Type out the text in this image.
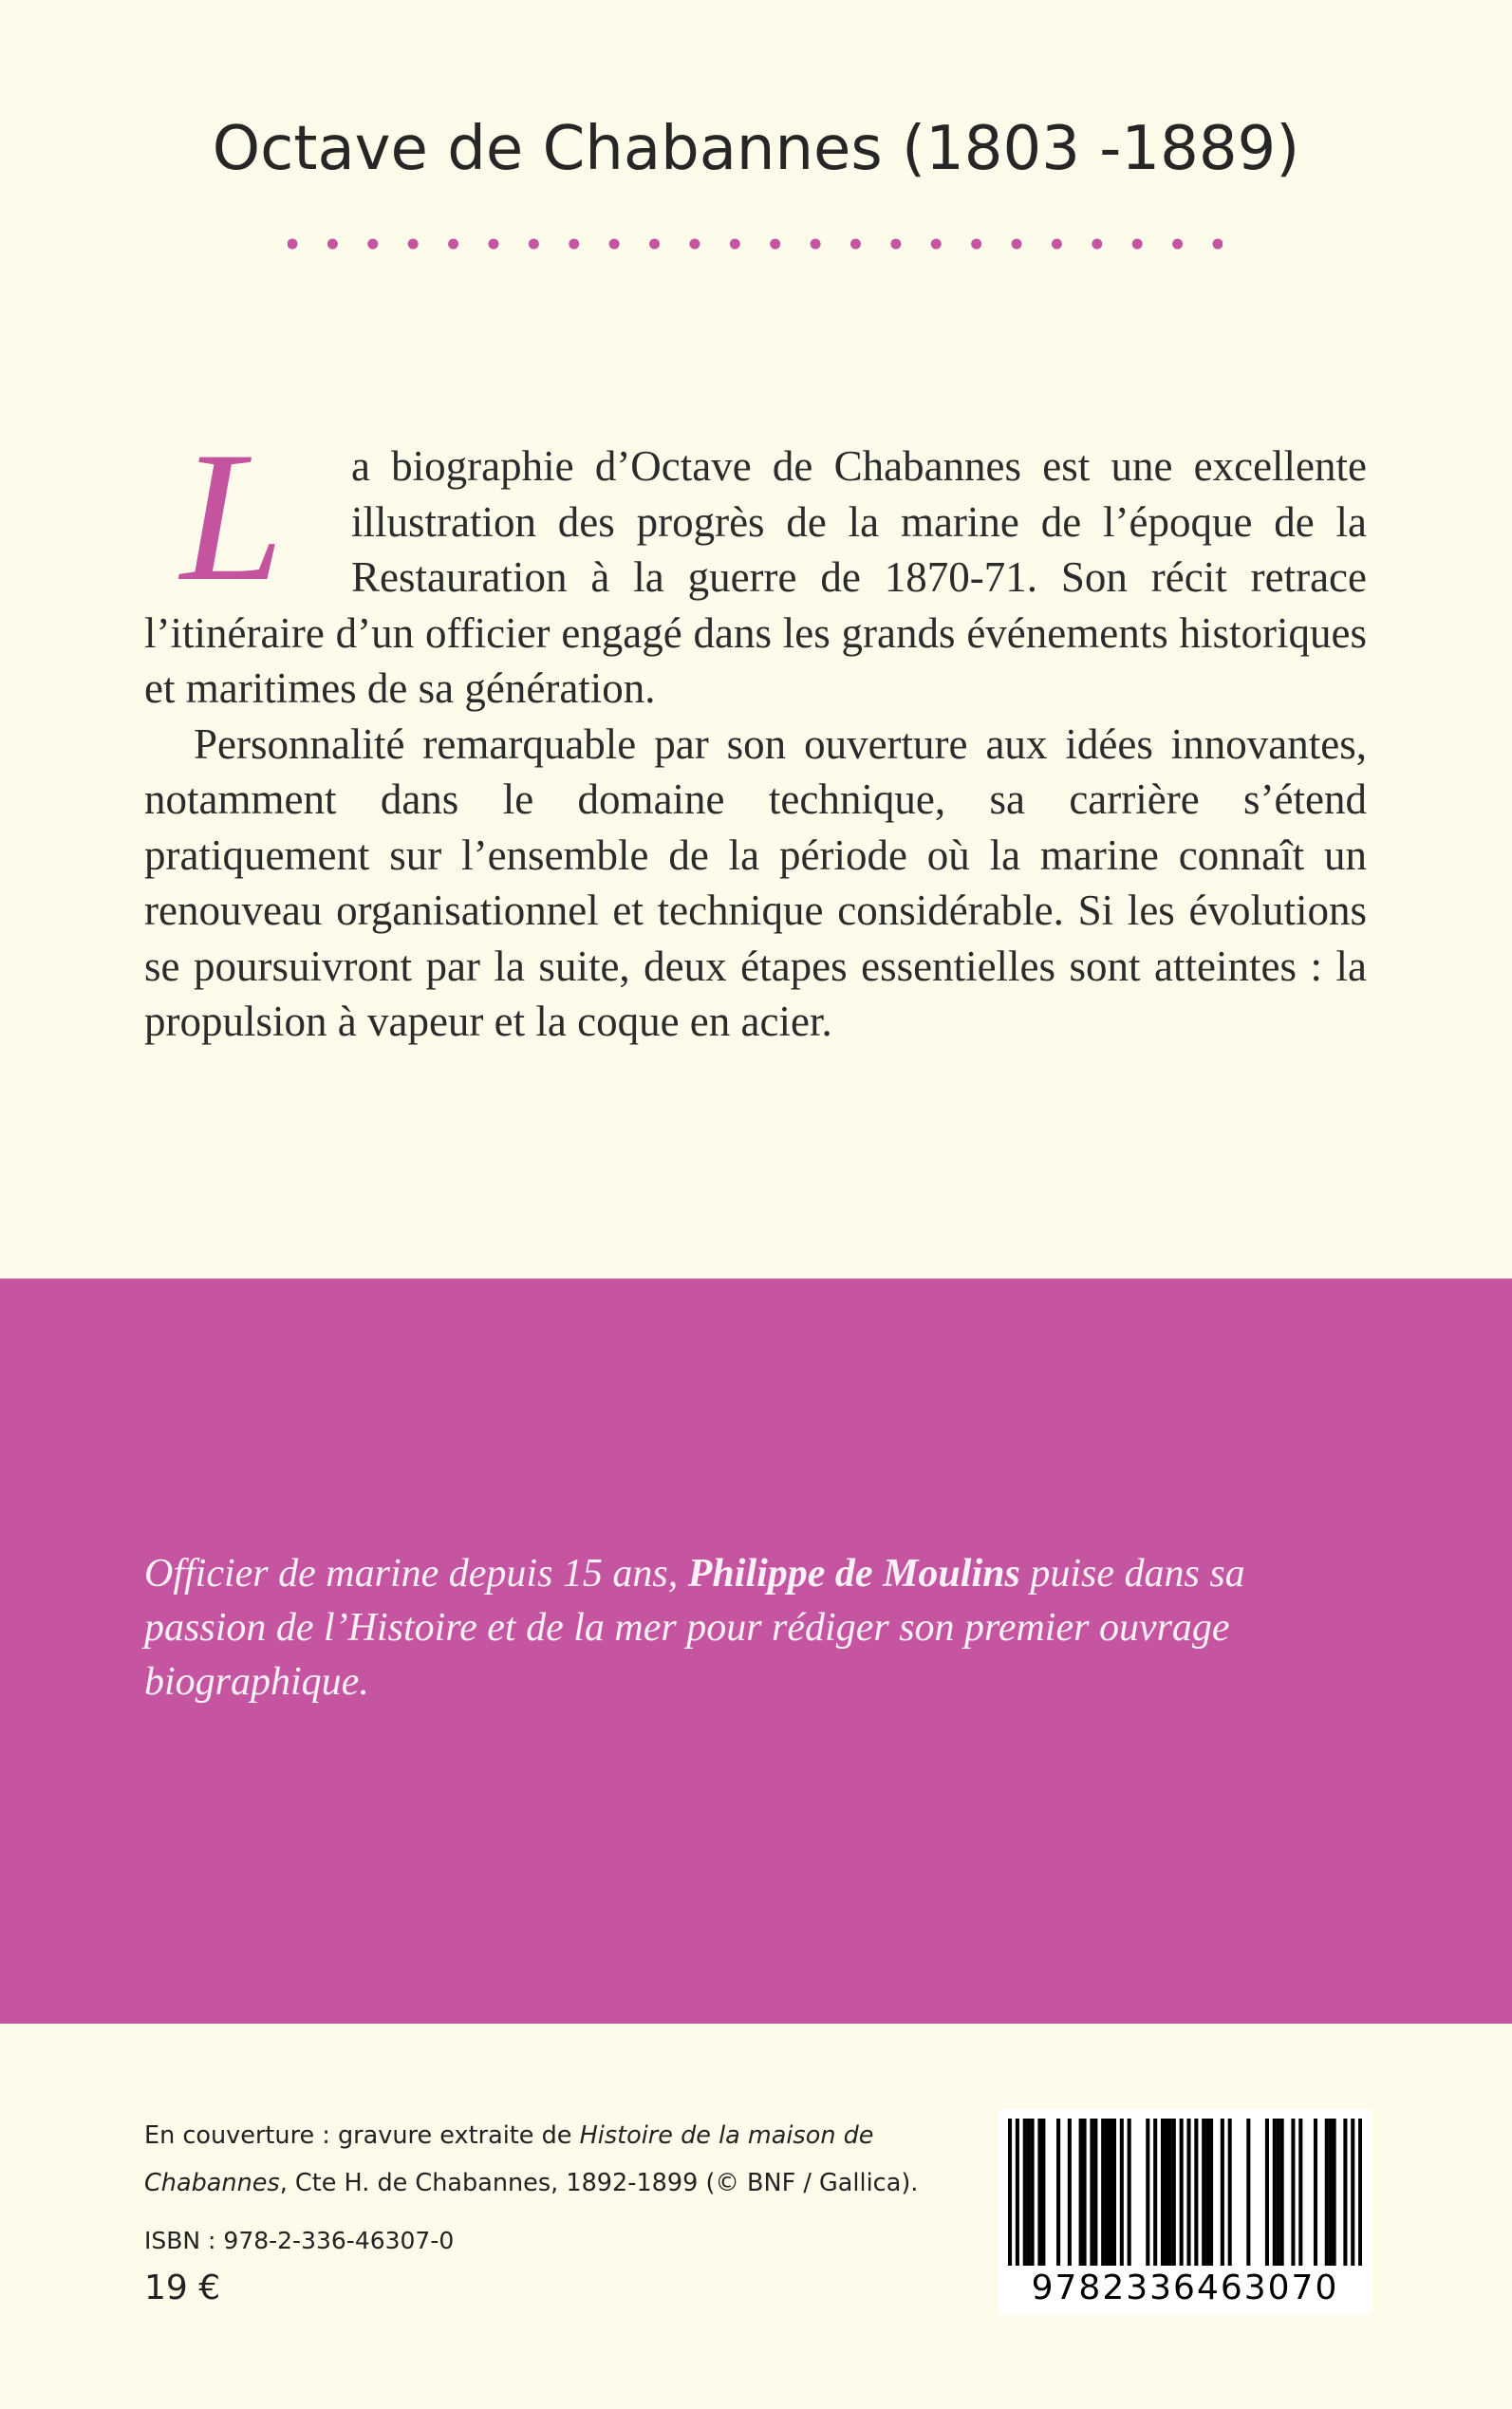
Octave de Chabannes (1803 -1889)

L	a biographie d’Octave de Chabannes est une excellente illustration des progrès de la marine de l’époque de la Restauration à la guerre de 1870-71. Son récit retrace l’itinéraire d’un officier engagé dans les grands événements historiques et maritimes de sa génération.

Personnalité remarquable par son ouverture aux idées innovantes, notamment dans le domaine technique, sa carrière s’étend pratiquement sur l’ensemble de la période où la marine connaît un renouveau organisationnel et technique considérable. Si les évolutions se poursuivront par la suite, deux étapes essentielles sont atteintes : la propulsion à vapeur et la coque en acier.

Officier de marine depuis 15 ans, Philippe de Moulins puise dans sa passion de l’Histoire et de la mer pour rédiger son premier ouvrage biographique.

En couverture : gravure extraite de Histoire de la maison de Chabannes, Cte H. de Chabannes, 1892-1899 (© BNF / Gallica).

ISBN : 978-2-336-46307-0
19 €	9782336463070
